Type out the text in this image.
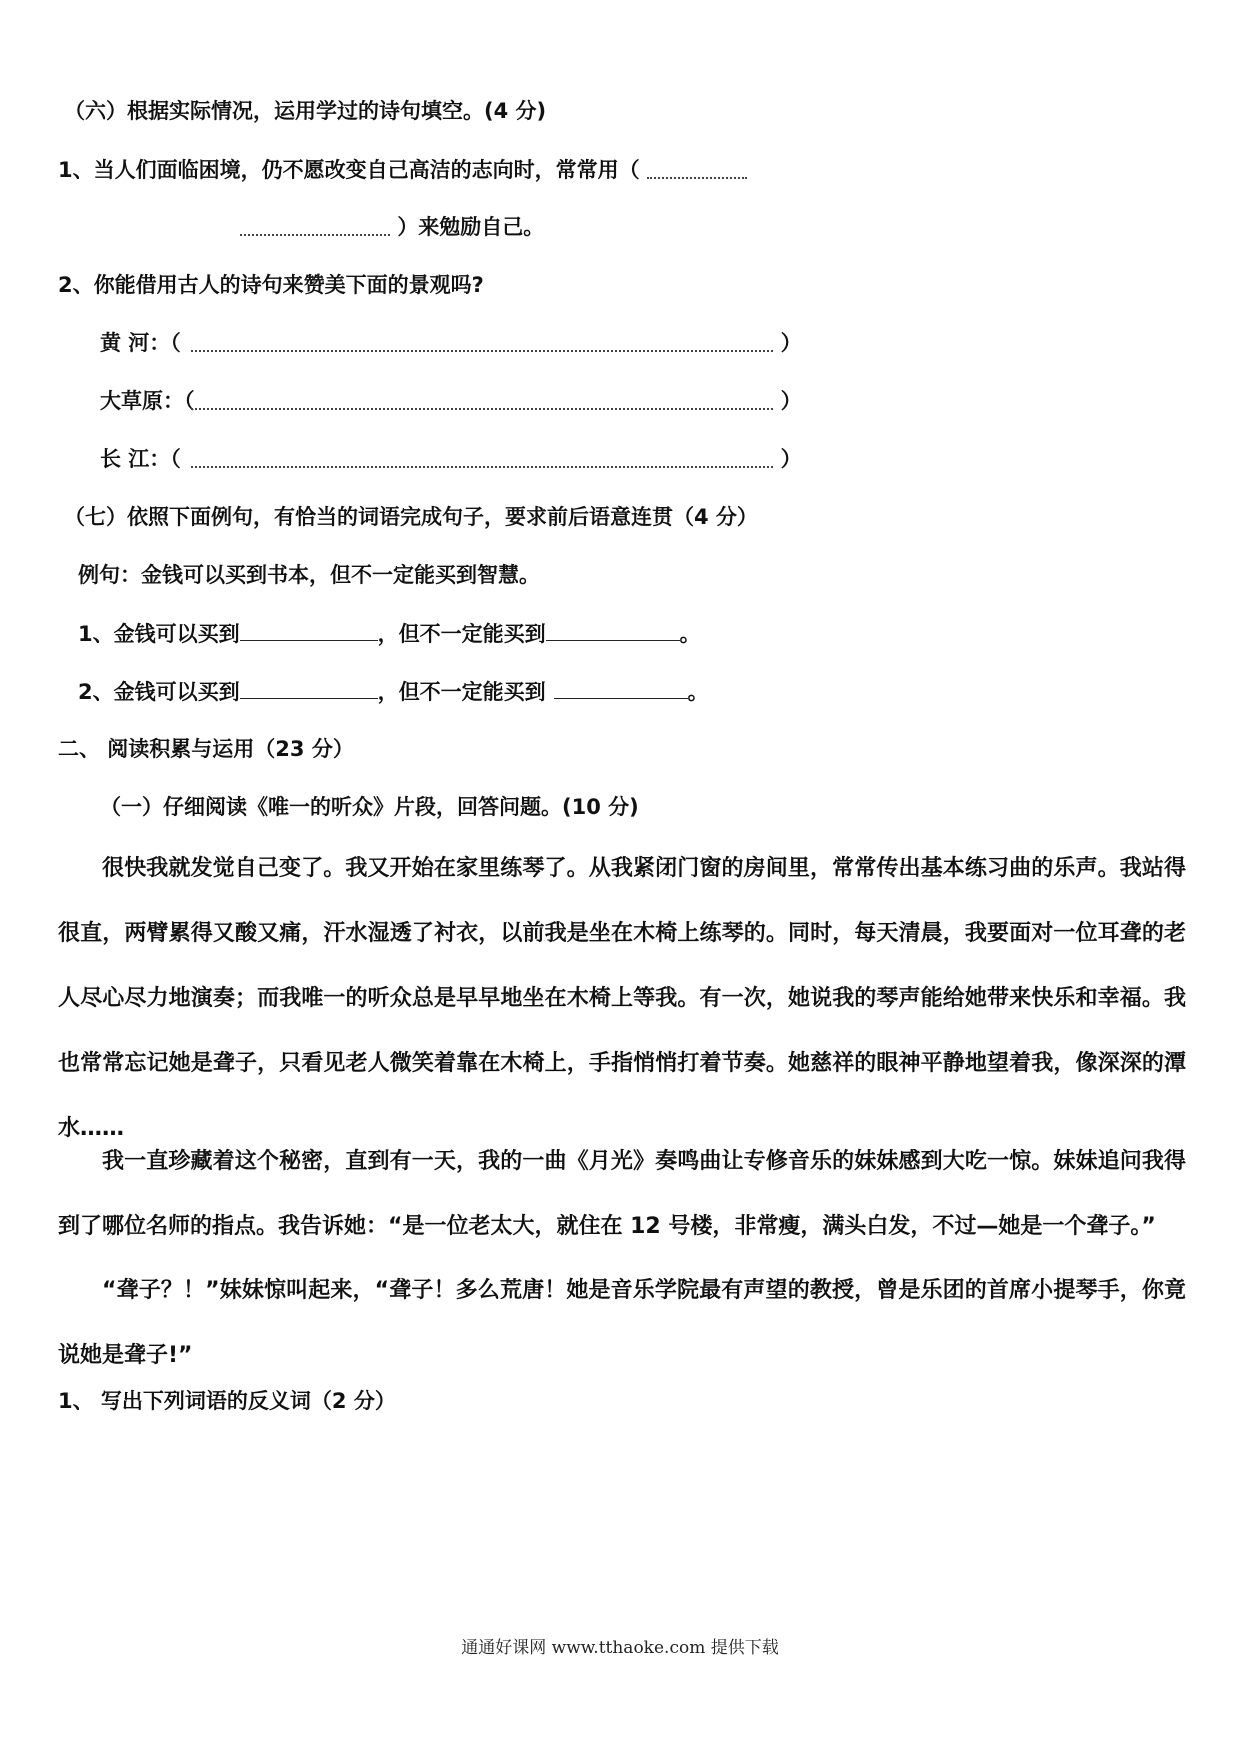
（六）根据实际情况，运用学过的诗句填空。(4 分)
1、当人们面临困境，仍不愿改变自己高洁的志向时，常常用（
）来勉励自己。
2、你能借用古人的诗句来赞美下面的景观吗?
黄 河：（	）
大草原：（	）
长 江：（	）
（七）依照下面例句，有恰当的词语完成句子，要求前后语意连贯（4 分）
例句：金钱可以买到书本，但不一定能买到智慧。
1、金钱可以买到	，但不一定能买到	。
2、金钱可以买到	，但不一定能买到	。
二、 阅读积累与运用（23 分）
（一）仔细阅读《唯一的听众》片段，回答问题。(10 分)
很快我就发觉自己变了。我又开始在家里练琴了。从我紧闭门窗的房间里，常常传出基本练习曲的乐声。我站得很直，两臂累得又酸又痛，汗水湿透了衬衣，以前我是坐在木椅上练琴的。同时，每天清晨，我要面对一位耳聋的老人尽心尽力地演奏；而我唯一的听众总是早早地坐在木椅上等我。有一次，她说我的琴声能给她带来快乐和幸福。我也常常忘记她是聋子，只看见老人微笑着靠在木椅上，手指悄悄打着节奏。她慈祥的眼神平静地望着我，像深深的潭水……
我一直珍藏着这个秘密，直到有一天，我的一曲《月光》奏鸣曲让专修音乐的妹妹感到大吃一惊。妹妹追问我得到了哪位名师的指点。我告诉她：“是一位老太大，就住在 12 号楼，非常瘦，满头白发，不过—她是一个聋子。”
“聋子？！”妹妹惊叫起来，“聋子！多么荒唐！她是音乐学院最有声望的教授，曾是乐团的首席小提琴手，你竟说她是聋子!”
1、 写出下列词语的反义词（2 分）
通通好课网 www.tthaoke.com 提供下载
